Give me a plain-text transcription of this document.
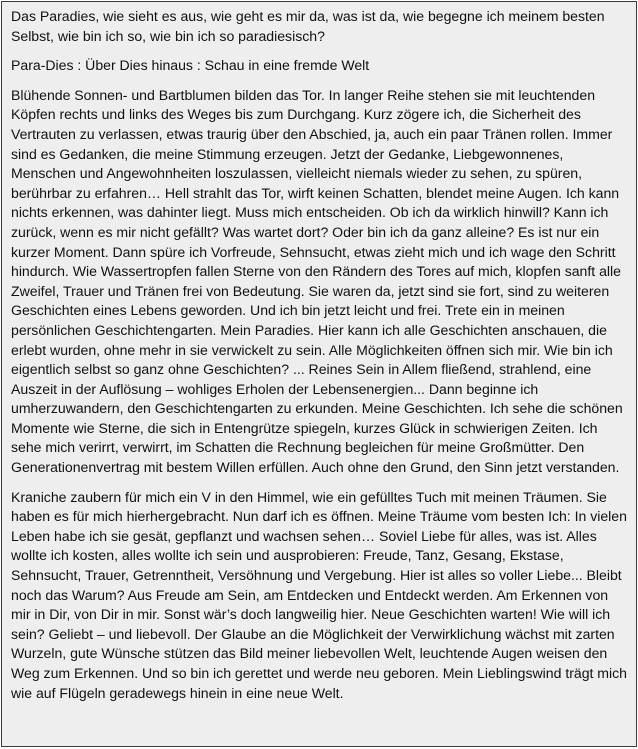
Das Paradies, wie sieht es aus, wie geht es mir da, was ist da, wie begegne ich meinem besten Selbst, wie bin ich so, wie bin ich so paradiesisch?

Para-Dies : Über Dies hinaus : Schau in eine fremde Welt

Blühende Sonnen- und Bartblumen bilden das Tor. In langer Reihe stehen sie mit leuchtenden Köpfen rechts und links des Weges bis zum Durchgang. Kurz zögere ich, die Sicherheit des Vertrauten zu verlassen, etwas traurig über den Abschied, ja, auch ein paar Tränen rollen. Immer sind es Gedanken, die meine Stimmung erzeugen. Jetzt der Gedanke, Liebgewonnenes, Menschen und Angewohnheiten loszulassen, vielleicht niemals wieder zu sehen, zu spüren, berührbar zu erfahren… Hell strahlt das Tor, wirft keinen Schatten, blendet meine Augen. Ich kann nichts erkennen, was dahinter liegt. Muss mich entscheiden. Ob ich da wirklich hinwill? Kann ich zurück, wenn es mir nicht gefällt? Was wartet dort? Oder bin ich da ganz alleine? Es ist nur ein kurzer Moment. Dann spüre ich Vorfreude, Sehnsucht, etwas zieht mich und ich wage den Schritt hindurch. Wie Wassertropfen fallen Sterne von den Rändern des Tores auf mich, klopfen sanft alle Zweifel, Trauer und Tränen frei von Bedeutung. Sie waren da, jetzt sind sie fort, sind zu weiteren Geschichten eines Lebens geworden. Und ich bin jetzt leicht und frei. Trete ein in meinen persönlichen Geschichtengarten. Mein Paradies. Hier kann ich alle Geschichten anschauen, die erlebt wurden, ohne mehr in sie verwickelt zu sein. Alle Möglichkeiten öffnen sich mir. Wie bin ich eigentlich selbst so ganz ohne Geschichten? ... Reines Sein in Allem fließend, strahlend, eine Auszeit in der Auflösung – wohliges Erholen der Lebensenergien... Dann beginne ich umherzuwandern, den Geschichtengarten zu erkunden. Meine Geschichten. Ich sehe die schönen Momente wie Sterne, die sich in Entengrütze spiegeln, kurzes Glück in schwierigen Zeiten. Ich sehe mich verirrt, verwirrt, im Schatten die Rechnung begleichen für meine Großmütter. Den Generationenvertrag mit bestem Willen erfüllen. Auch ohne den Grund, den Sinn jetzt verstanden.

Kraniche zaubern für mich ein V in den Himmel, wie ein gefülltes Tuch mit meinen Träumen. Sie haben es für mich hierhergebracht. Nun darf ich es öffnen. Meine Träume vom besten Ich: In vielen Leben habe ich sie gesät, gepflanzt und wachsen sehen… Soviel Liebe für alles, was ist. Alles wollte ich kosten, alles wollte ich sein und ausprobieren: Freude, Tanz, Gesang, Ekstase, Sehnsucht, Trauer, Getrenntheit, Versöhnung und Vergebung. Hier ist alles so voller Liebe... Bleibt noch das Warum? Aus Freude am Sein, am Entdecken und Entdeckt werden. Am Erkennen von mir in Dir, von Dir in mir. Sonst wär’s doch langweilig hier. Neue Geschichten warten! Wie will ich sein? Geliebt – und liebevoll. Der Glaube an die Möglichkeit der Verwirklichung wächst mit zarten Wurzeln, gute Wünsche stützen das Bild meiner liebevollen Welt, leuchtende Augen weisen den Weg zum Erkennen. Und so bin ich gerettet und werde neu geboren. Mein Lieblingswind trägt mich wie auf Flügeln geradewegs hinein in eine neue Welt.
